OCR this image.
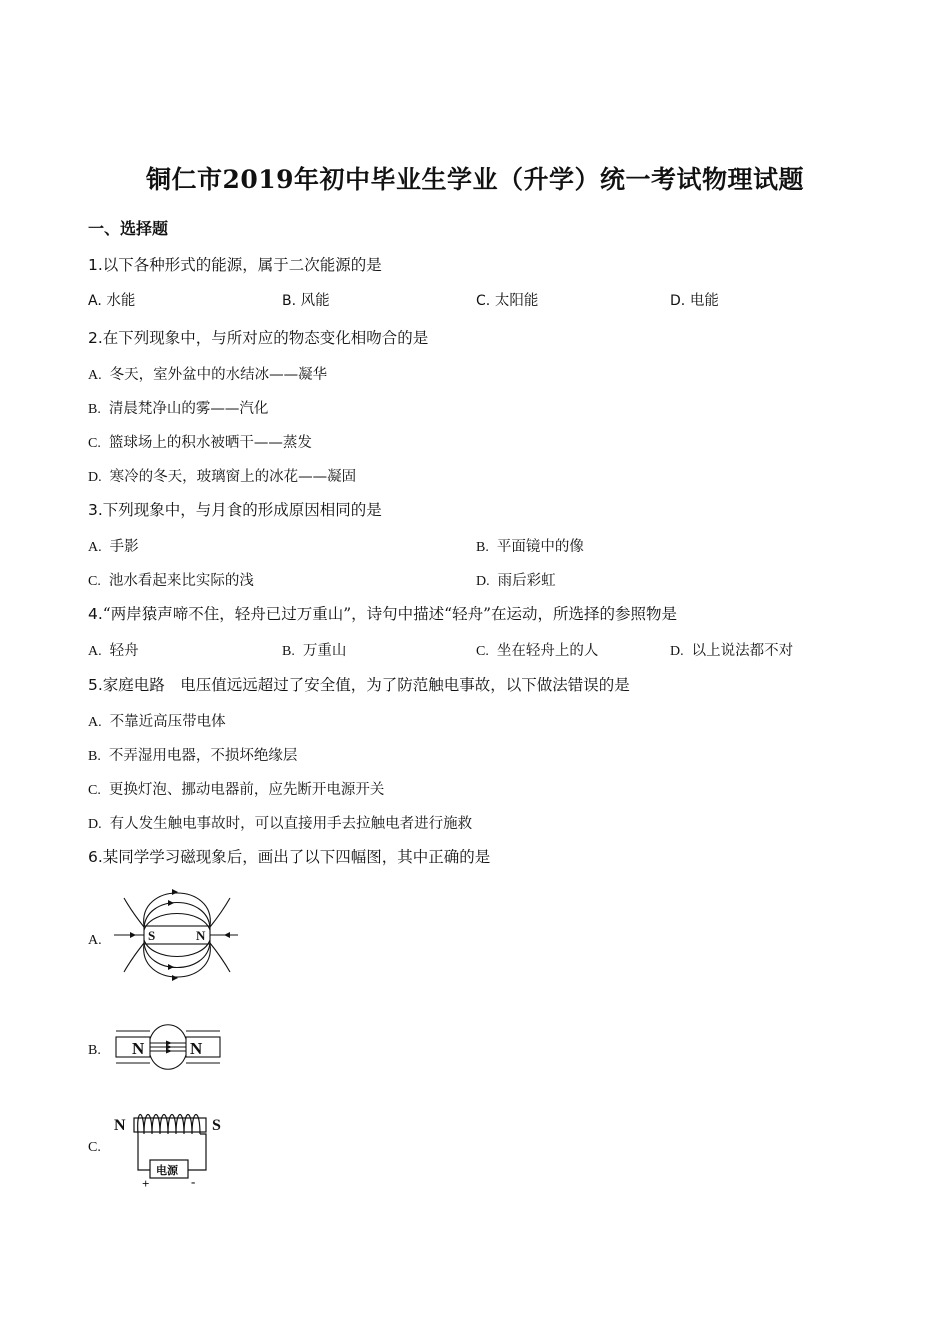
铜仁市2019年初中毕业生学业（升学）统一考试物理试题
一、选择题
1.以下各种形式的能源，属于二次能源的是
A. 水能	B. 风能	C. 太阳能	D. 电能
2.在下列现象中，与所对应的物态变化相吻合的是
A. 冬天，室外盆中的水结冰——凝华
B. 清晨梵净山的雾——汽化
C. 篮球场上的积水被晒干——蒸发
D. 寒冷的冬天，玻璃窗上的冰花——凝固
3.下列现象中，与月食的形成原因相同的是
A. 手影	B. 平面镜中的像
C. 池水看起来比实际的浅	D. 雨后彩虹
4.“两岸猿声啼不住，轻舟已过万重山”，诗句中描述“轻舟”在运动，所选择的参照物是
A. 轻舟	B. 万重山	C. 坐在轻舟上的人	D. 以上说法都不对
5.家庭电路　电压值远远超过了安全值，为了防范触电事故，以下做法错误的是
A. 不靠近高压带电体
B. 不弄湿用电器，不损坏绝缘层
C. 更换灯泡、挪动电器前，应先断开电源开关
D. 有人发生触电事故时，可以直接用手去拉触电者进行施救
6.某同学学习磁现象后，画出了以下四幅图，其中正确的是
A.	S	N
B. N	N
C.
N	S
电源
+	-
